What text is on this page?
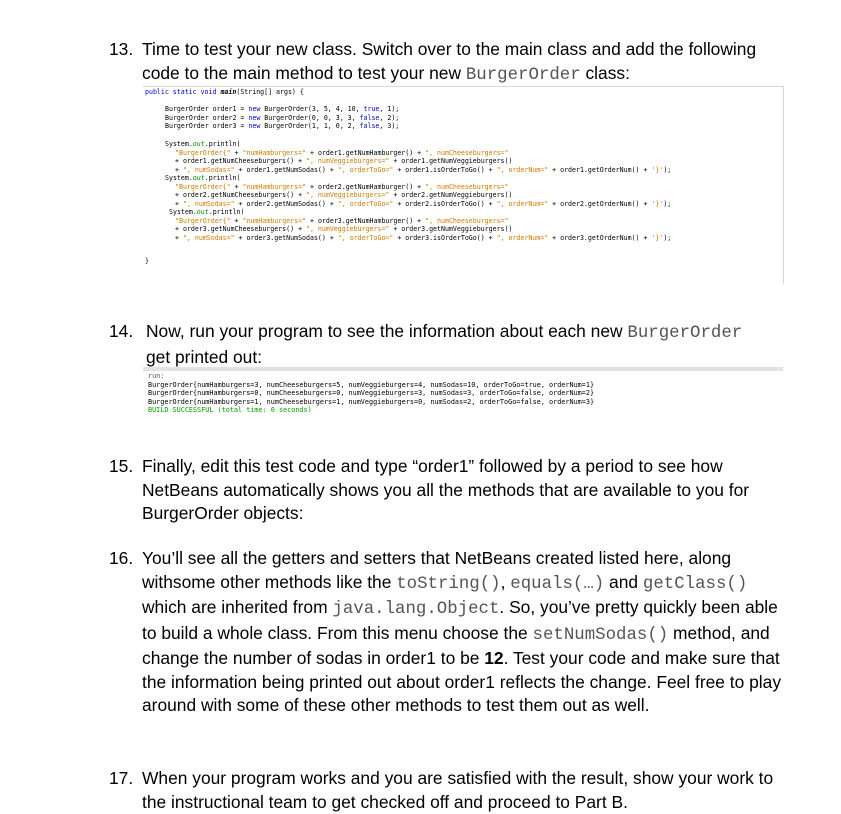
13. Time to test your new class. Switch over to the main class and add the following code to the main method to test your new BurgerOrder class:
public static void main(String[] args) {
BurgerOrder order1 = new BurgerOrder(3, 5, 4, 10, true, 1);
BurgerOrder order2 = new BurgerOrder(0, 0, 3, 3, false, 2);
BurgerOrder order3 = new BurgerOrder(1, 1, 0, 2, false, 3);
System.out.println(
"BurgerOrder{" + "numHamburgers=" + order1.getNumHamburger() + ", numCheeseburgers="
+ order1.getNumCheeseburgers() + ", numVeggieburgers=" + order1.getNumVeggieburgers()
+ ", numSodas=" + order1.getNumSodas() + ", orderToGo=" + order1.isOrderToGo() + ", orderNum=" + order1.getOrderNum() + '}');
System.out.println(
"BurgerOrder{" + "numHamburgers=" + order2.getNumHamburger() + ", numCheeseburgers="
+ order2.getNumCheeseburgers() + ", numVeggieburgers=" + order2.getNumVeggieburgers()
+ ", numSodas=" + order2.getNumSodas() + ", orderToGo=" + order2.isOrderToGo() + ", orderNum=" + order2.getOrderNum() + '}');
System.out.println(
"BurgerOrder{" + "numHamburgers=" + order3.getNumHamburger() + ", numCheeseburgers="
+ order3.getNumCheeseburgers() + ", numVeggieburgers=" + order3.getNumVeggieburgers()
+ ", numSodas=" + order3.getNumSodas() + ", orderToGo=" + order3.isOrderToGo() + ", orderNum=" + order3.getOrderNum() + '}');
}
14. Now, run your program to see the information about each new BurgerOrder
get printed out:
run:
BurgerOrder{numHamburgers=3, numCheeseburgers=5, numVeggieburgers=4, numSodas=10, orderToGo=true, orderNum=1}
BurgerOrder{numHamburgers=0, numCheeseburgers=0, numVeggieburgers=3, numSodas=3, orderToGo=false, orderNum=2}
BurgerOrder{numHamburgers=1, numCheeseburgers=1, numVeggieburgers=0, numSodas=2, orderToGo=false, orderNum=3}
BUILD SUCCESSFUL (total time: 0 seconds)
15. Finally, edit this test code and type “order1” followed by a period to see how NetBeans automatically shows you all the methods that are available to you for BurgerOrder objects:
16. You’ll see all the getters and setters that NetBeans created listed here, along withsome other methods like the toString(), equals(…) and getClass() which are inherited from java.lang.Object. So, you’ve pretty quickly been able to build a whole class. From this menu choose the setNumSodas() method, and change the number of sodas in order1 to be 12. Test your code and make sure that the information being printed out about order1 reflects the change. Feel free to play around with some of these other methods to test them out as well.
17. When your program works and you are satisfied with the result, show your work to the instructional team to get checked off and proceed to Part B.
